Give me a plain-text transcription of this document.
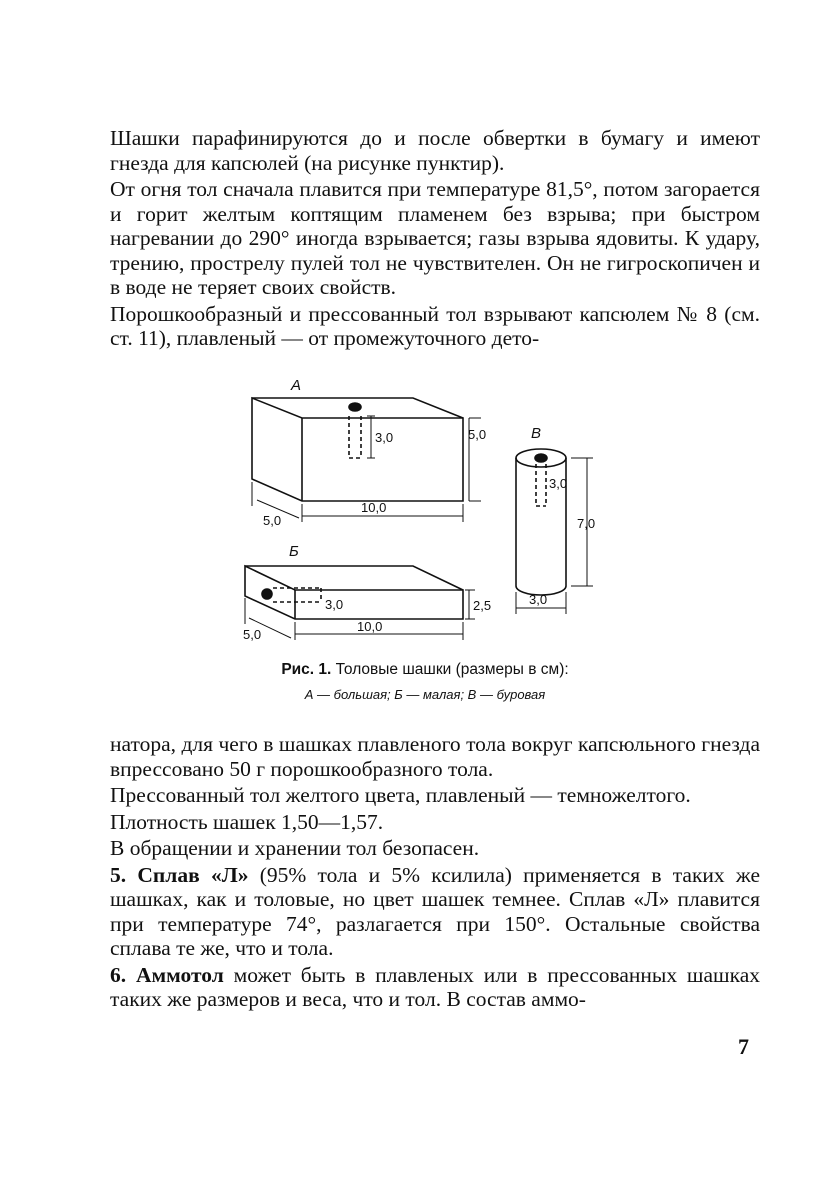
Шашки парафинируются до и после обвертки в бумагу и имеют гнезда для капсюлей (на рисунке пунктир).

От огня тол сначала плавится при температуре 81,5°, потом загорается и горит желтым коптящим пламенем без взрыва; при быстром нагревании до 290° иногда взрывается; газы взрыва ядовиты. К удару, трению, прострелу пулей тол не чувствителен. Он не гигроскопичен и в воде не теряет своих свойств.

Порошкообразный и прессованный тол взрывают капсюлем № 8 (см. ст. 11), плавленый — от промежуточного дето-

А
3,0	5,0
10,0
5,0
Б
3,0	2,5
10,0
5,0
В
3,0
7,0
3,0
Рис. 1. Толовые шашки (размеры в см):
А — большая; Б — малая; В — буровая

натора, для чего в шашках плавленого тола вокруг капсюльного гнезда впрессовано 50 г порошкообразного тола.

Прессованный тол желтого цвета, плавленый — темножелтого.

Плотность шашек 1,50—1,57.

В обращении и хранении тол безопасен.

5. Сплав «Л» (95% тола и 5% ксилила) применяется в таких же шашках, как и толовые, но цвет шашек темнее. Сплав «Л» плавится при температуре 74°, разлагается при 150°. Остальные свойства сплава те же, что и тола.

6. Аммотол может быть в плавленых или в прессованных шашках таких же размеров и веса, что и тол. В состав аммо-

7
